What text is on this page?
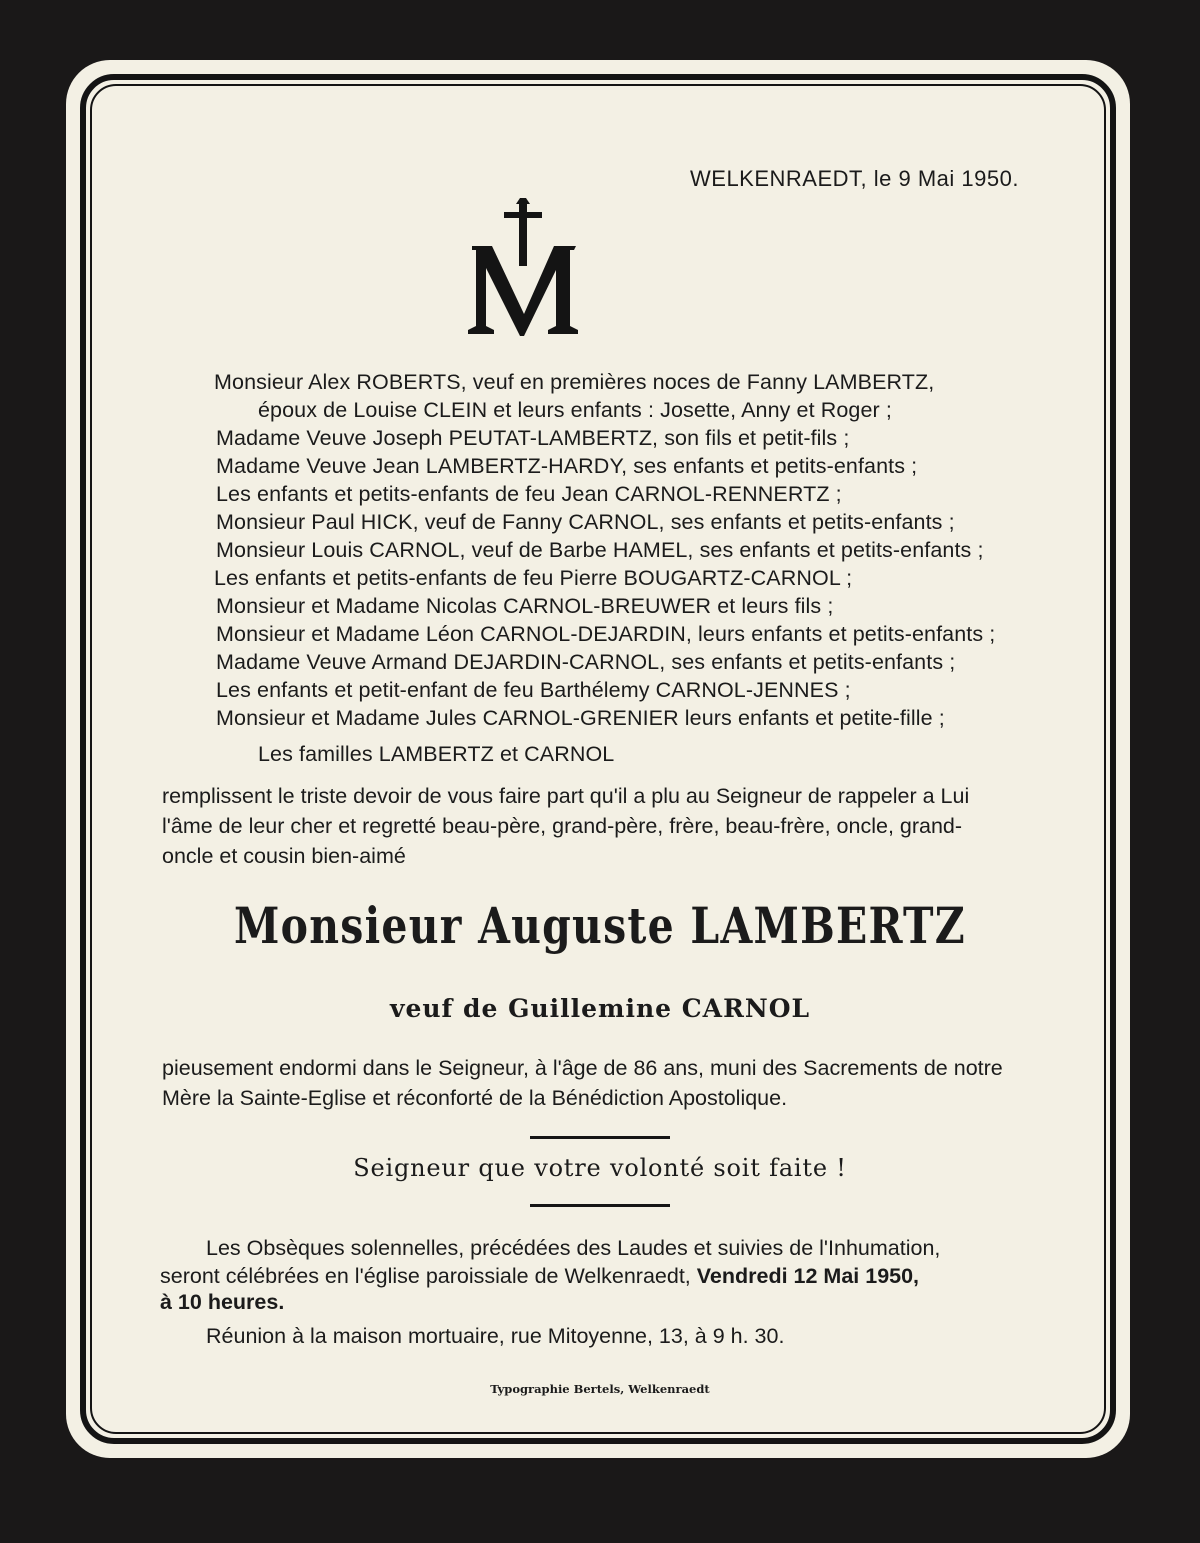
WELKENRAEDT, le 9 Mai 1950.
Monsieur Alex ROBERTS, veuf en premières noces de Fanny LAMBERTZ,
époux de Louise CLEIN et leurs enfants : Josette, Anny et Roger ;
Madame Veuve Joseph PEUTAT-LAMBERTZ, son fils et petit-fils ;
Madame Veuve Jean LAMBERTZ-HARDY, ses enfants et petits-enfants ;
Les enfants et petits-enfants de feu Jean CARNOL-RENNERTZ ;
Monsieur Paul HICK, veuf de Fanny CARNOL, ses enfants et petits-enfants ;
Monsieur Louis CARNOL, veuf de Barbe HAMEL, ses enfants et petits-enfants ;
Les enfants et petits-enfants de feu Pierre BOUGARTZ-CARNOL ;
Monsieur et Madame Nicolas CARNOL-BREUWER et leurs fils ;
Monsieur et Madame Léon CARNOL-DEJARDIN, leurs enfants et petits-enfants ;
Madame Veuve Armand DEJARDIN-CARNOL, ses enfants et petits-enfants ;
Les enfants et petit-enfant de feu Barthélemy CARNOL-JENNES ;
Monsieur et Madame Jules CARNOL-GRENIER leurs enfants et petite-fille ;
Les familles LAMBERTZ et CARNOL
remplissent le triste devoir de vous faire part qu'il a plu au Seigneur de rappeler a Lui
l'âme de leur cher et regretté beau-père, grand-père, frère, beau-frère, oncle, grand-
oncle et cousin bien-aimé
Monsieur Auguste LAMBERTZ
veuf de Guillemine CARNOL
pieusement endormi dans le Seigneur, à l'âge de 86 ans, muni des Sacrements de notre
Mère la Sainte-Eglise et réconforté de la Bénédiction Apostolique.
Seigneur que votre volonté soit faite !
Les Obsèques solennelles, précédées des Laudes et suivies de l'Inhumation,
seront célébrées en l'église paroissiale de Welkenraedt, Vendredi 12 Mai 1950,
à 10 heures.
Réunion à la maison mortuaire, rue Mitoyenne, 13, à 9 h. 30.
Typographie Bertels, Welkenraedt
